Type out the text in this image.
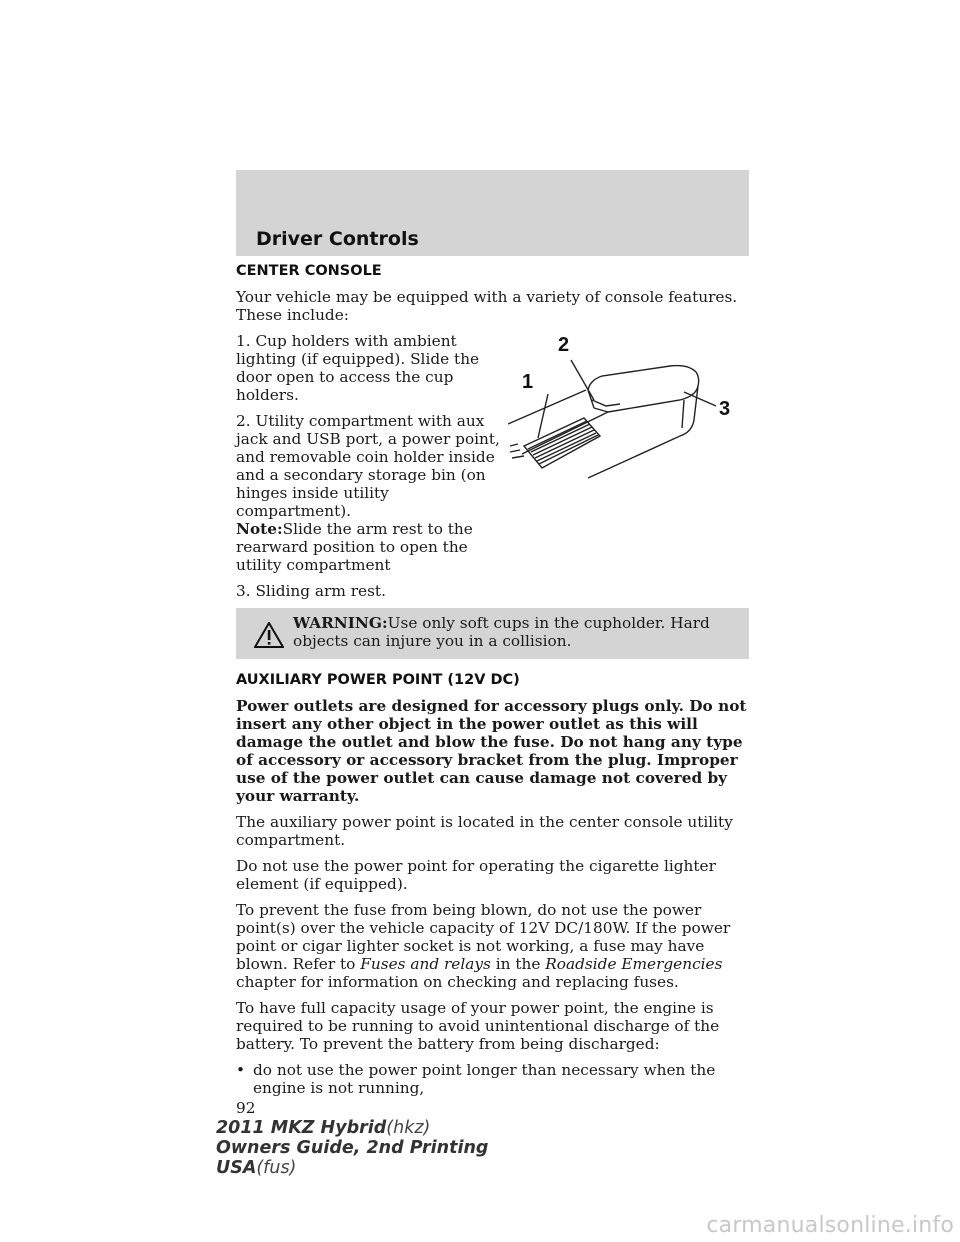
Driver Controls
CENTER CONSOLE

Your vehicle may be equipped with a variety of console features. These include:

1. Cup holders with ambient lighting (if equipped). Slide the door open to access the cup holders.

2. Utility compartment with aux jack and USB port, a power point, and removable coin holder inside and a secondary storage bin (on hinges inside utility compartment).

Note:Slide the arm rest to the rearward position to open the utility compartment

3. Sliding arm rest.

2
1
3
WARNING:Use only soft cups in the cupholder. Hard objects can injure you in a collision.
AUXILIARY POWER POINT (12V DC)

Power outlets are designed for accessory plugs only. Do not insert any other object in the power outlet as this will damage the outlet and blow the fuse. Do not hang any type of accessory or accessory bracket from the plug. Improper use of the power outlet can cause damage not covered by your warranty.

The auxiliary power point is located in the center console utility compartment.

Do not use the power point for operating the cigarette lighter element (if equipped).

To prevent the fuse from being blown, do not use the power point(s) over the vehicle capacity of 12V DC/180W. If the power point or cigar lighter socket is not working, a fuse may have blown. Refer to Fuses and relays in the Roadside Emergencies chapter for information on checking and replacing fuses.

To have full capacity usage of your power point, the engine is required to be running to avoid unintentional discharge of the battery. To prevent the battery from being discharged:

• do not use the power point longer than necessary when the engine is not running,
92
2011 MKZ Hybrid(hkz)
Owners Guide, 2nd Printing
USA(fus)
carmanualsonline.info
